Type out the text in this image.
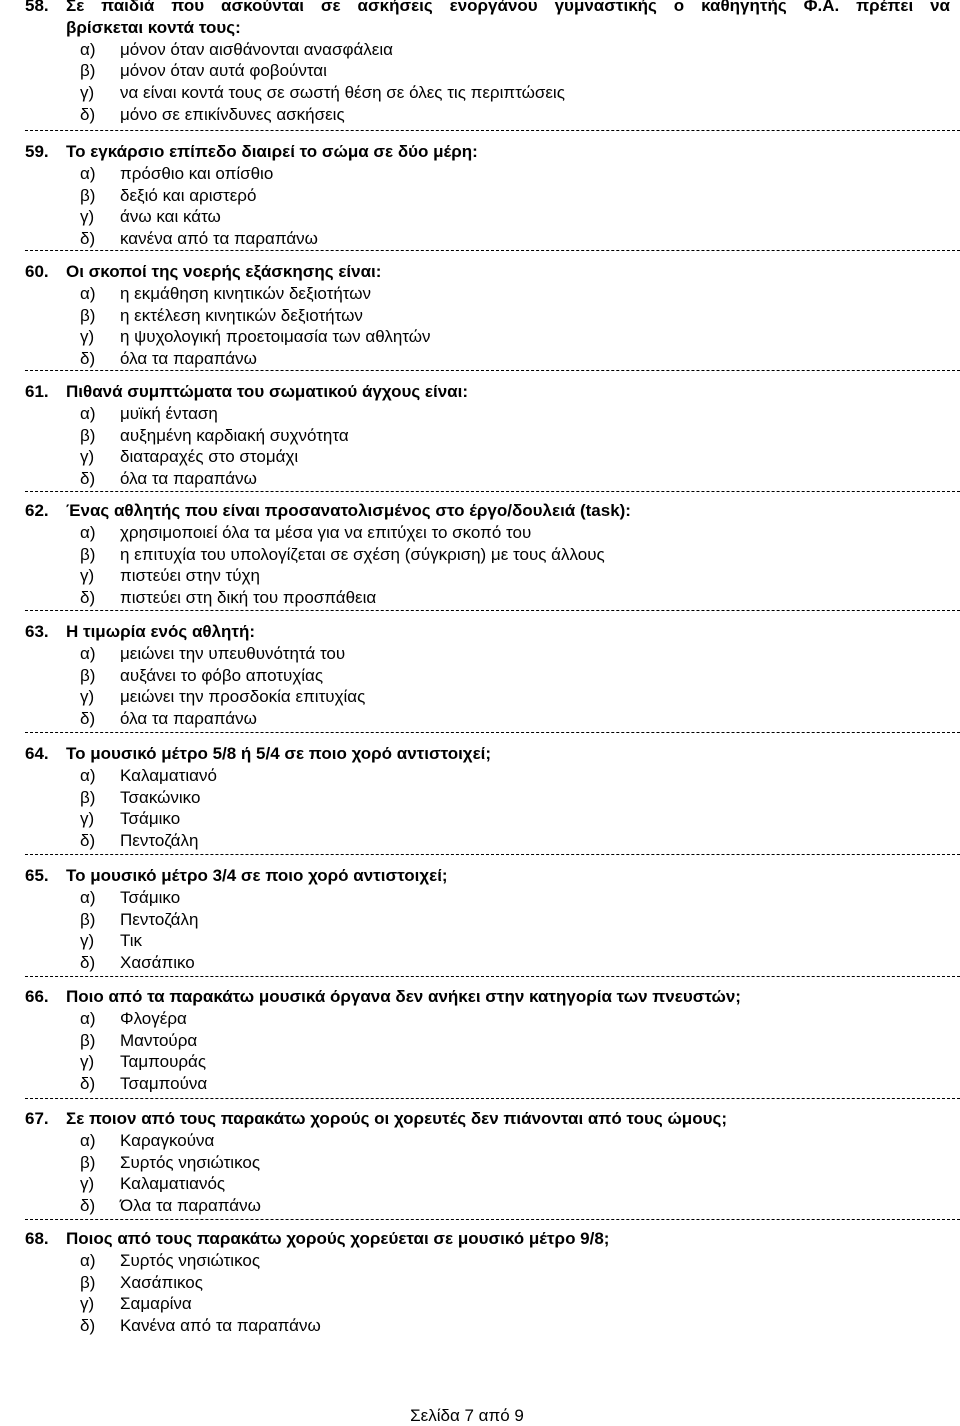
58. Σε παιδιά που ασκούνται σε ασκήσεις ενοργάνου γυμναστικής ο καθηγητής Φ.Α. πρέπει να
βρίσκεται κοντά τους:
α) μόνον όταν αισθάνονται ανασφάλεια
β) μόνον όταν αυτά φοβούνται
γ) να είναι κοντά τους σε σωστή θέση σε όλες τις περιπτώσεις
δ) μόνο σε επικίνδυνες ασκήσεις
59. Το εγκάρσιο επίπεδο διαιρεί το σώμα σε δύο μέρη:
α) πρόσθιο και οπίσθιο
β) δεξιό και αριστερό
γ) άνω και κάτω
δ) κανένα από τα παραπάνω
60. Οι σκοποί της νοερής εξάσκησης είναι:
α) η εκμάθηση κινητικών δεξιοτήτων
β) η εκτέλεση κινητικών δεξιοτήτων
γ) η ψυχολογική προετοιμασία των αθλητών
δ) όλα τα παραπάνω
61. Πιθανά συμπτώματα του σωματικού άγχους είναι:
α) μυϊκή ένταση
β) αυξημένη καρδιακή συχνότητα
γ) διαταραχές στο στομάχι
δ) όλα τα παραπάνω
62. Ένας αθλητής που είναι προσανατολισμένος στο έργο/δουλειά (task):
α) χρησιμοποιεί όλα τα μέσα για να επιτύχει το σκοπό του
β) η επιτυχία του υπολογίζεται σε σχέση (σύγκριση) με τους άλλους
γ) πιστεύει στην τύχη
δ) πιστεύει στη δική του προσπάθεια
63. Η τιμωρία ενός αθλητή:
α) μειώνει την υπευθυνότητά του
β) αυξάνει το φόβο αποτυχίας
γ) μειώνει την προσδοκία επιτυχίας
δ) όλα τα παραπάνω
64. Το μουσικό μέτρο 5/8 ή 5/4 σε ποιο χορό αντιστοιχεί;
α) Καλαματιανό
β) Τσακώνικο
γ) Τσάμικο
δ) Πεντοζάλη
65. Το μουσικό μέτρο 3/4 σε ποιο χορό αντιστοιχεί;
α) Τσάμικο
β) Πεντοζάλη
γ) Τικ
δ) Χασάπικο
66. Ποιο από τα παρακάτω μουσικά όργανα δεν ανήκει στην κατηγορία των πνευστών;
α) Φλογέρα
β) Μαντούρα
γ) Ταμπουράς
δ) Τσαμπούνα
67. Σε ποιον από τους παρακάτω χορούς οι χορευτές δεν πιάνονται από τους ώμους;
α) Καραγκούνα
β) Συρτός νησιώτικος
γ) Καλαματιανός
δ) Όλα τα παραπάνω
68. Ποιος από τους παρακάτω χορούς χορεύεται σε μουσικό μέτρο 9/8;
α) Συρτός νησιώτικος
β) Χασάπικος
γ) Σαμαρίνα
δ) Κανένα από τα παραπάνω
Σελίδα 7 από 9
